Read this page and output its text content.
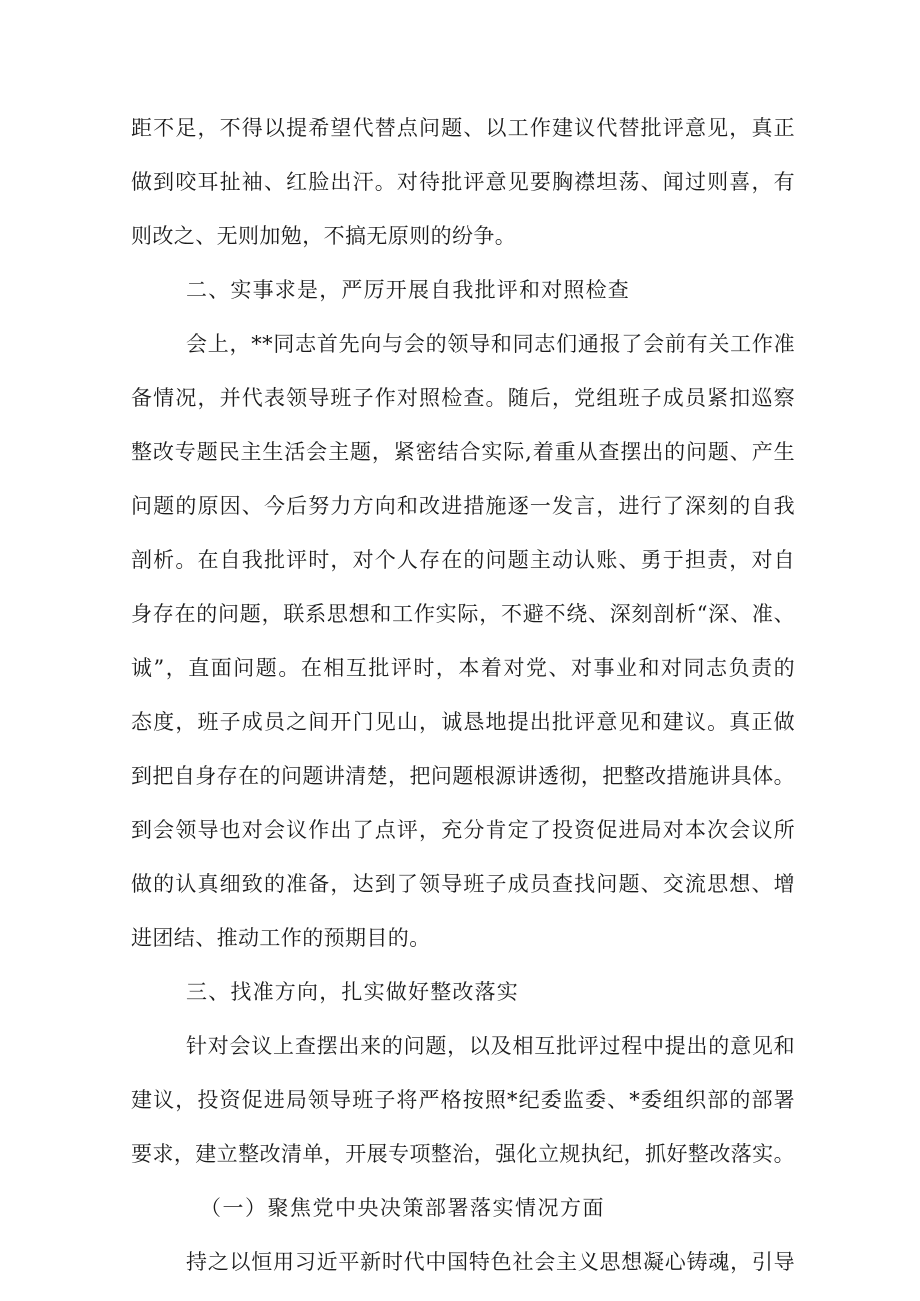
距不足，不得以提希望代替点问题、以工作建议代替批评意见，真正
做到咬耳扯袖、红脸出汗。对待批评意见要胸襟坦荡、闻过则喜，有
则改之、无则加勉，不搞无原则的纷争。
二、实事求是，严厉开展自我批评和对照检查
会上，**同志首先向与会的领导和同志们通报了会前有关工作准
备情况，并代表领导班子作对照检查。随后，党组班子成员紧扣巡察
整改专题民主生活会主题，紧密结合实际,着重从查摆出的问题、产生
问题的原因、今后努力方向和改进措施逐一发言，进行了深刻的自我
剖析。在自我批评时，对个人存在的问题主动认账、勇于担责，对自
身存在的问题，联系思想和工作实际，不避不绕、深刻剖析“深、准、
诚”，直面问题。在相互批评时，本着对党、对事业和对同志负责的
态度，班子成员之间开门见山，诚恳地提出批评意见和建议。真正做
到把自身存在的问题讲清楚，把问题根源讲透彻，把整改措施讲具体。
到会领导也对会议作出了点评，充分肯定了投资促进局对本次会议所
做的认真细致的准备，达到了领导班子成员查找问题、交流思想、增
进团结、推动工作的预期目的。
三、找准方向，扎实做好整改落实
针对会议上查摆出来的问题，以及相互批评过程中提出的意见和
建议，投资促进局领导班子将严格按照*纪委监委、*委组织部的部署
要求，建立整改清单，开展专项整治，强化立规执纪，抓好整改落实。
（一）聚焦党中央决策部署落实情况方面
持之以恒用习近平新时代中国特色社会主义思想凝心铸魂，引导
